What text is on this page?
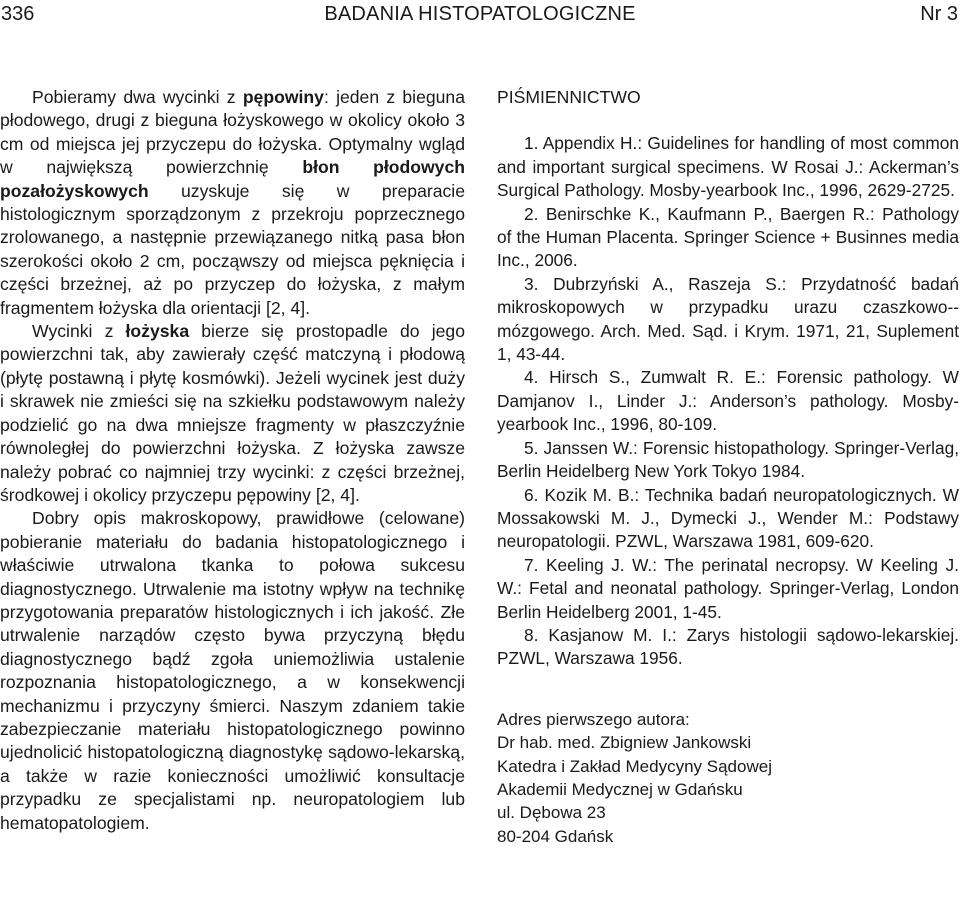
336	BADANIA HISTOPATOLOGICZNE	Nr 3

Pobieramy dwa wycinki z pępowiny: jeden z bieguna płodowego, drugi z bieguna łożyskowego w okolicy około 3 cm od miejsca jej przyczepu do łożyska. Optymalny wgląd w największą powierzchnię błon płodowych pozałożyskowych uzyskuje się w preparacie histologicznym sporządzonym z przekroju poprzecznego zrolowanego, a następnie przewiązanego nitką pasa błon szerokości około 2 cm, począwszy od miejsca pęknięcia i części brzeżnej, aż po przyczep do łożyska, z małym fragmentem łożyska dla orientacji [2, 4].

Wycinki z łożyska bierze się prostopadle do jego powierzchni tak, aby zawierały część matczyną i płodową (płytę postawną i płytę kosmówki). Jeżeli wycinek jest duży i skrawek nie zmieści się na szkiełku podstawowym należy podzielić go na dwa mniejsze fragmenty w płaszczyźnie równoległej do powierzchni łożyska. Z łożyska zawsze należy pobrać co najmniej trzy wycinki: z części brzeżnej, środkowej i okolicy przyczepu pępowiny [2, 4].

Dobry opis makroskopowy, prawidłowe (celowane) pobieranie materiału do badania histopatologicznego i właściwie utrwalona tkanka to połowa sukcesu diagnostycznego. Utrwalenie ma istotny wpływ na technikę przygotowania preparatów histologicznych i ich jakość. Złe utrwalenie narządów często bywa przyczyną błędu diagnostycznego bądź zgoła uniemożliwia ustalenie rozpoznania histopatologicznego, a w konsekwencji mechanizmu i przyczyny śmierci. Naszym zdaniem takie zabezpieczanie materiału histopatologicznego powinno ujednolicić histopatologiczną diagnostykę sądowo-lekarską, a także w razie konieczności umożliwić konsultacje przypadku ze specjalistami np. neuropatologiem lub hematopatologiem.

PIŚMIENNICTWO

1. Appendix H.: Guidelines for handling of most common and important surgical specimens. W Rosai J.: Ackerman’s Surgical Pathology. Mosby-yearbook Inc., 1996, 2629-2725.

2. Benirschke K., Kaufmann P., Baergen R.: Pathology of the Human Placenta. Springer Science + Businnes media Inc., 2006.

3. Dubrzyński A., Raszeja S.: Przydatność badań mikroskopowych w przypadku urazu czaszkowo--mózgowego. Arch. Med. Sąd. i Krym. 1971, 21, Suplement 1, 43-44.

4. Hirsch S., Zumwalt R. E.: Forensic pathology. W Damjanov I., Linder J.: Anderson’s pathology. Mosby-yearbook Inc., 1996, 80-109.

5. Janssen W.: Forensic histopathology. Springer-Verlag, Berlin Heidelberg New York Tokyo 1984.

6. Kozik M. B.: Technika badań neuropatologicznych. W Mossakowski M. J., Dymecki J., Wender M.: Podstawy neuropatologii. PZWL, Warszawa 1981, 609-620.

7. Keeling J. W.: The perinatal necropsy. W Keeling J. W.: Fetal and neonatal pathology. Springer-Verlag, London Berlin Heidelberg 2001, 1-45.

8. Kasjanow M. I.: Zarys histologii sądowo-lekarskiej. PZWL, Warszawa 1956.

Adres pierwszego autora:
Dr hab. med. Zbigniew Jankowski
Katedra i Zakład Medycyny Sądowej
Akademii Medycznej w Gdańsku
ul. Dębowa 23
80-204 Gdańsk
